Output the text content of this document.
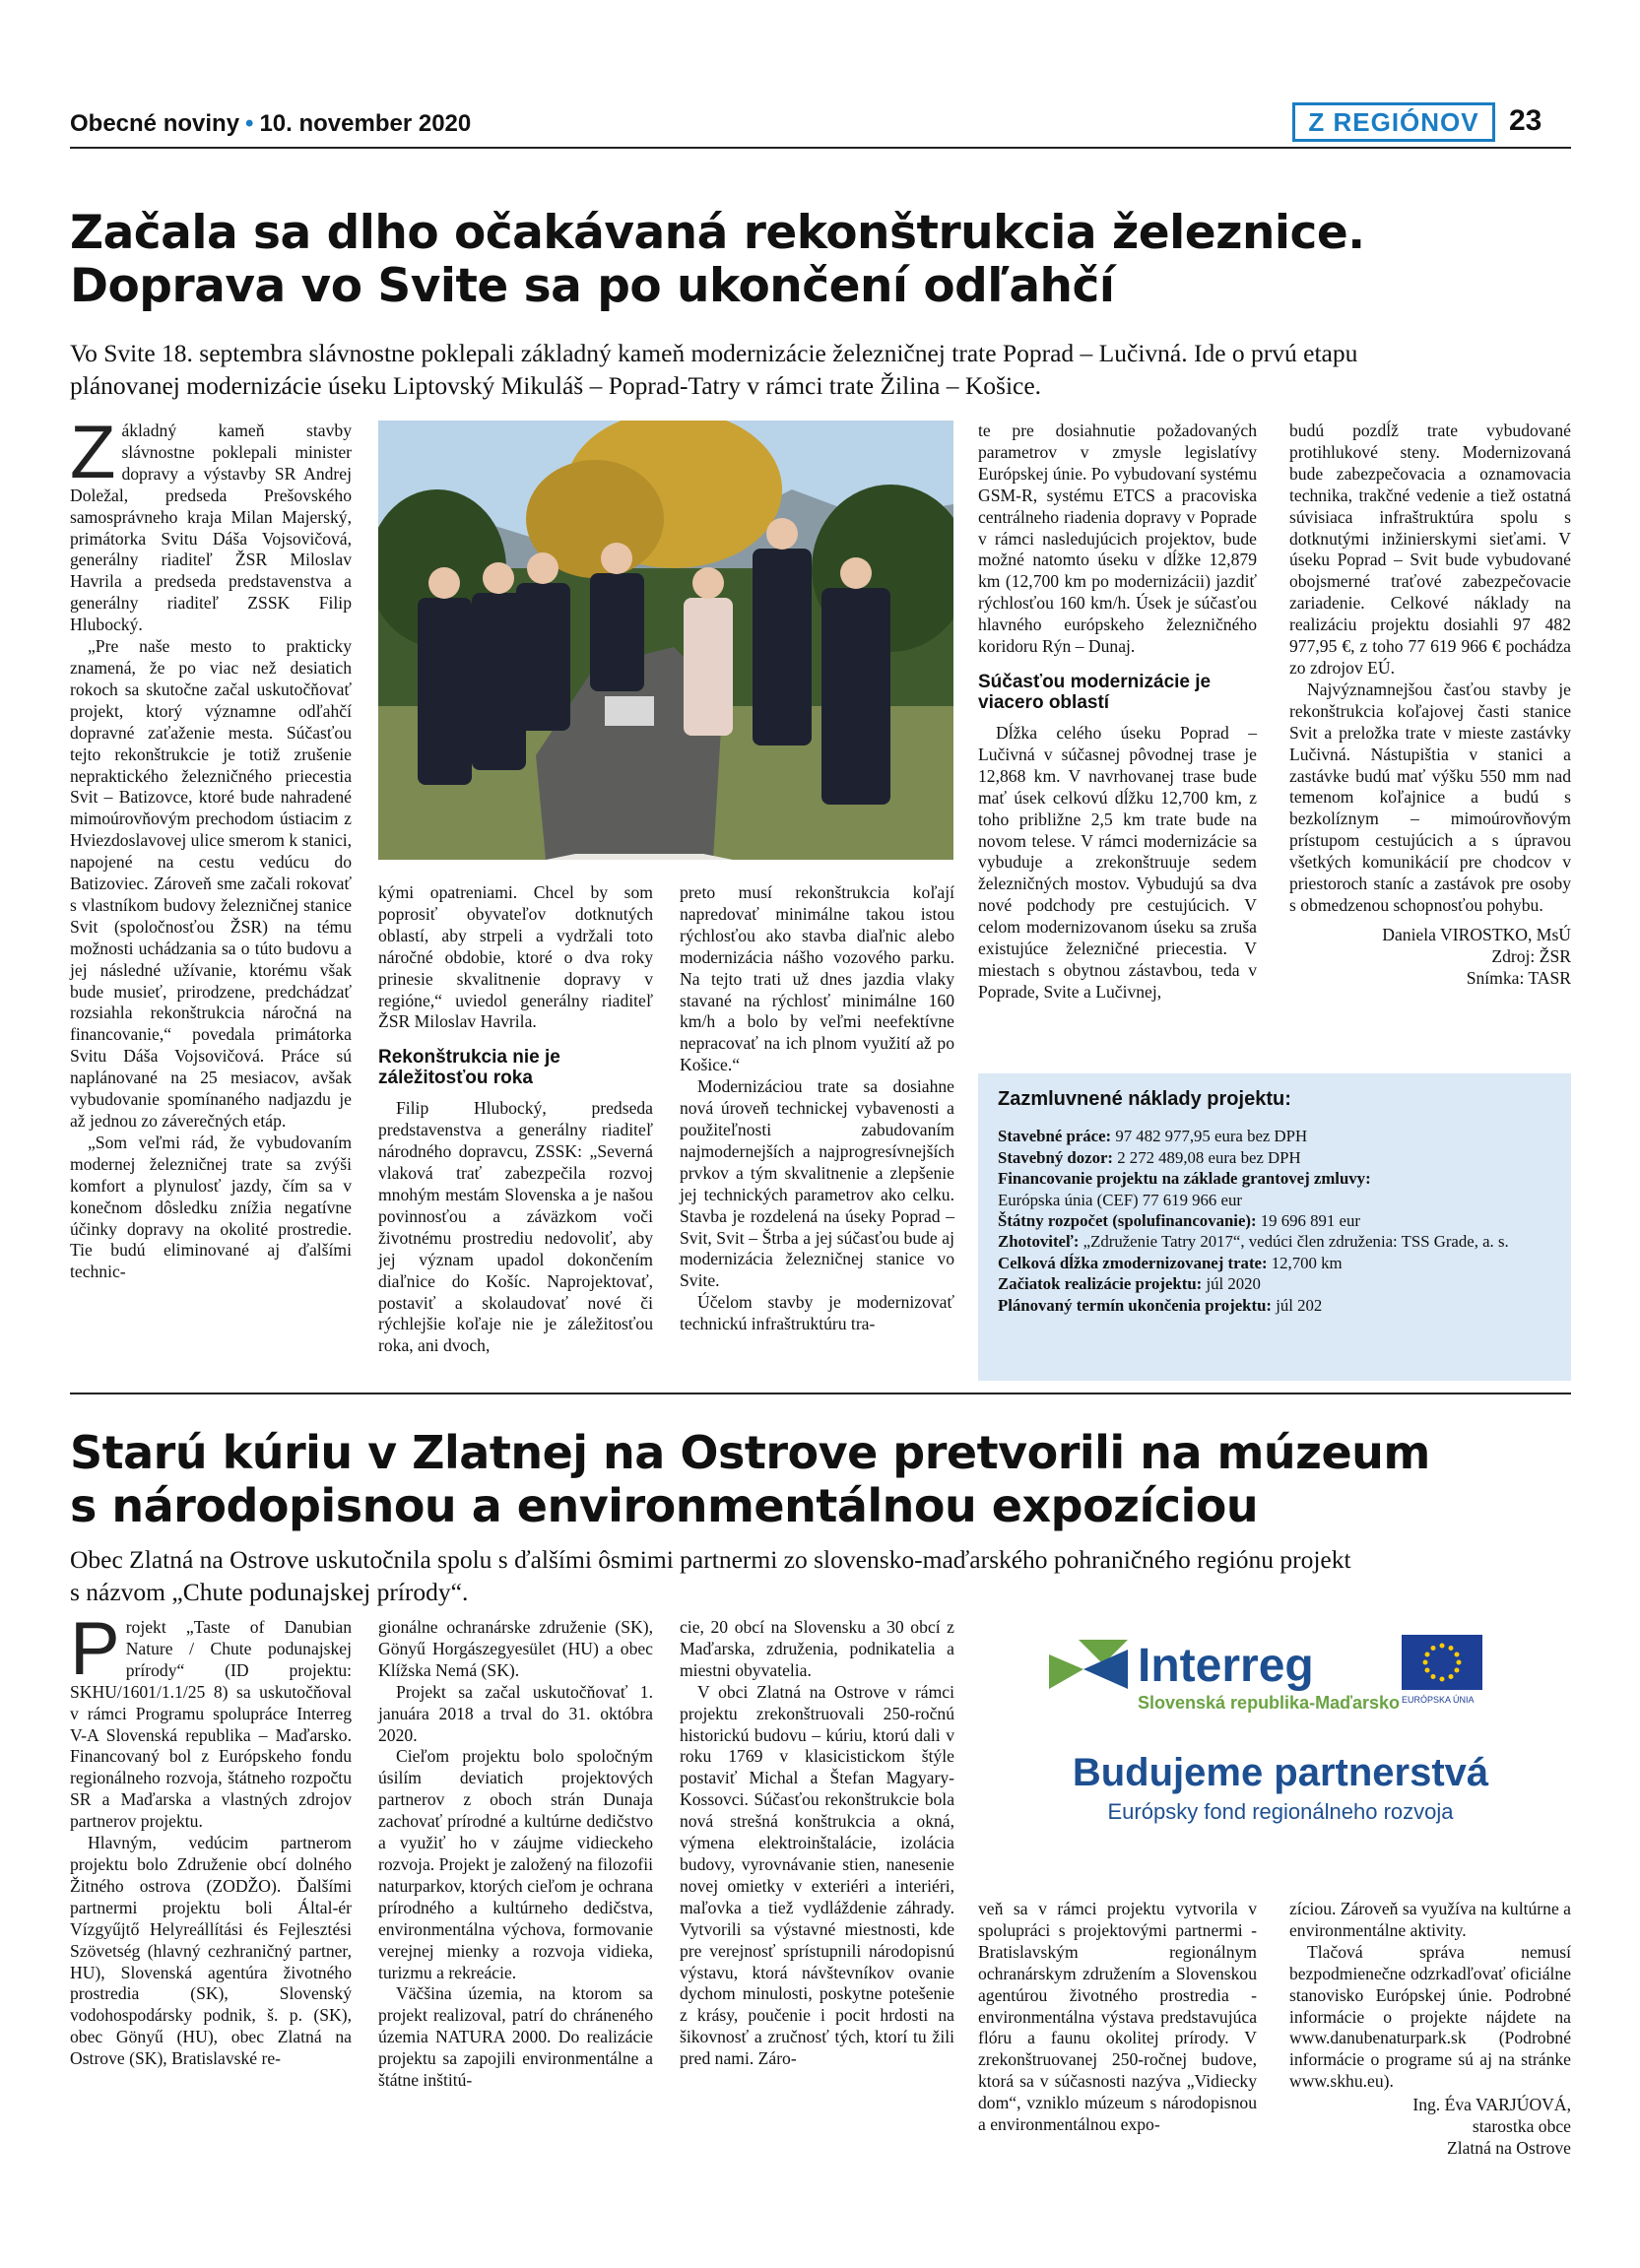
Obecné noviny • 10. november 2020	Z REGIÓNOV	23
Začala sa dlho očakávaná rekonštrukcia železnice.
Doprava vo Svite sa po ukončení odľahčí
Vo Svite 18. septembra slávnostne poklepali základný kameň modernizácie železničnej trate Poprad – Lučivná. Ide o prvú etapu
plánovanej modernizácie úseku Liptovský Mikuláš – Poprad-Tatry v rámci trate Žilina – Košice.

Základný kameň stavby slávnostne poklepali minister dopravy a výstavby SR Andrej Doležal, predseda Prešovského samosprávneho kraja Milan Majerský, primátorka Svitu Dáša Vojsovičová, generálny riaditeľ ŽSR Miloslav Havrila a predseda predstavenstva a generálny riaditeľ ZSSK Filip Hlubocký.

„Pre naše mesto to prakticky znamená, že po viac než desiatich rokoch sa skutočne začal uskutočňovať projekt, ktorý významne odľahčí dopravné zaťaženie mesta. Súčasťou tejto rekonštrukcie je totiž zrušenie nepraktického železničného priecestia Svit – Batizovce, ktoré bude nahradené mimoúrovňovým prechodom ústiacim z Hviezdoslavovej ulice smerom k stanici, napojené na cestu vedúcu do Batizoviec. Zároveň sme začali rokovať s vlastníkom budovy železničnej stanice Svit (spoločnosťou ŽSR) na tému možnosti uchádzania sa o túto budovu a jej následné užívanie, ktorému však bude musieť, prirodzene, predchádzať rozsiahla rekonštrukcia náročná na financovanie,“ povedala primátorka Svitu Dáša Vojsovičová. Práce sú naplánované na 25 mesiacov, avšak vybudovanie spomínaného nadjazdu je až jednou zo záverečných etáp.

„Som veľmi rád, že vybudovaním modernej železničnej trate sa zvýši komfort a plynulosť jazdy, čím sa v konečnom dôsledku znížia negatívne účinky dopravy na okolité prostredie. Tie budú eliminované aj ďalšími technic-

kými opatreniami. Chcel by som poprosiť obyvateľov dotknutých oblastí, aby strpeli a vydržali toto náročné obdobie, ktoré o dva roky prinesie skvalitnenie dopravy v regióne,“ uviedol generálny riaditeľ ŽSR Miloslav Havrila.

Rekonštrukcia nie je záležitosťou roka

Filip Hlubocký, predseda predstavenstva a generálny riaditeľ národného dopravcu, ZSSK: „Severná vlaková trať zabezpečila rozvoj mnohým mestám Slovenska a je našou povinnosťou a záväzkom voči životnému prostrediu nedovoliť, aby jej význam upadol dokončením diaľnice do Košíc. Naprojektovať, postaviť a skolaudovať nové či rýchlejšie koľaje nie je záležitosťou roka, ani dvoch,

preto musí rekonštrukcia koľají napredovať minimálne takou istou rýchlosťou ako stavba diaľnic alebo modernizácia nášho vozového parku. Na tejto trati už dnes jazdia vlaky stavané na rýchlosť minimálne 160 km/h a bolo by veľmi neefektívne nepracovať na ich plnom využití až po Košice.“

Modernizáciou trate sa dosiahne nová úroveň technickej vybavenosti a použiteľnosti zabudovaním najmodernejších a najprogresívnejších prvkov a tým skvalitnenie a zlepšenie jej technických parametrov ako celku. Stavba je rozdelená na úseky Poprad – Svit, Svit – Štrba a jej súčasťou bude aj modernizácia železničnej stanice vo Svite.

Účelom stavby je modernizovať technickú infraštruktúru tra-

te pre dosiahnutie požadovaných parametrov v zmysle legislatívy Európskej únie. Po vybudovaní systému GSM-R, systému ETCS a pracoviska centrálneho riadenia dopravy v Poprade v rámci nasledujúcich projektov, bude možné natomto úseku v dĺžke 12,879 km (12,700 km po modernizácii) jazdiť rýchlosťou 160 km/h. Úsek je súčasťou hlavného európskeho železničného koridoru Rýn – Dunaj.

Súčasťou modernizácie je viacero oblastí

Dĺžka celého úseku Poprad – Lučivná v súčasnej pôvodnej trase je 12,868 km. V navrhovanej trase bude mať úsek celkovú dĺžku 12,700 km, z toho približne 2,5 km trate bude na novom telese. V rámci modernizácie sa vybuduje a zrekonštruuje sedem železničných mostov. Vybudujú sa dva nové podchody pre cestujúcich. V celom modernizovanom úseku sa zruša existujúce železničné priecestia. V miestach s obytnou zástavbou, teda v Poprade, Svite a Lučivnej,

budú pozdĺž trate vybudované protihlukové steny. Modernizovaná bude zabezpečovacia a oznamovacia technika, trakčné vedenie a tiež ostatná súvisiaca infraštruktúra spolu s dotknutými inžinierskymi sieťami. V úseku Poprad – Svit bude vybudované obojsmerné traťové zabezpečovacie zariadenie. Celkové náklady na realizáciu projektu dosiahli 97 482 977,95 €, z toho 77 619 966 € pochádza zo zdrojov EÚ.

Najvýznamnejšou časťou stavby je rekonštrukcia koľajovej časti stanice Svit a preložka trate v mieste zastávky Lučivná. Nástupištia v stanici a zastávke budú mať výšku 550 mm nad temenom koľajnice a budú s bezkolíznym – mimoúrovňovým prístupom cestujúcich a s úpravou všetkých komunikácií pre chodcov v priestoroch staníc a zastávok pre osoby s obmedzenou schopnosťou pohybu.

Daniela VIROSTKO, MsÚ
Zdroj: ŽSR
Snímka: TASR
Zazmluvnené náklady projektu:
Stavebné práce: 97 482 977,95 eura bez DPH
Stavebný dozor: 2 272 489,08 eura bez DPH
Financovanie projektu na základe grantovej zmluvy:
Európska únia (CEF) 77 619 966 eur
Štátny rozpočet (spolufinancovanie): 19 696 891 eur
Zhotoviteľ: „Združenie Tatry 2017“, vedúci člen združenia: TSS Grade, a. s.
Celková dĺžka zmodernizovanej trate: 12,700 km
Začiatok realizácie projektu: júl 2020
Plánovaný termín ukončenia projektu: júl 202
Starú kúriu v Zlatnej na Ostrove pretvorili na múzeum
s národopisnou a environmentálnou expozíciou
Obec Zlatná na Ostrove uskutočnila spolu s ďalšími ôsmimi partnermi zo slovensko-maďarského pohraničného regiónu projekt
s názvom „Chute podunajskej prírody“.

Projekt „Taste of Danubian Nature / Chute podunajskej prírody“ (ID projektu: SKHU/1601/1.1/25 8) sa uskutočňoval v rámci Programu spolupráce Interreg V-A Slovenská republika – Maďarsko. Financovaný bol z Európskeho fondu regionálneho rozvoja, štátneho rozpočtu SR a Maďarska a vlastných zdrojov partnerov projektu.

Hlavným, vedúcim partnerom projektu bolo Združenie obcí dolného Žitného ostrova (ZODŽO). Ďalšími partnermi projektu boli Által-ér Vízgyűjtő Helyreállítási és Fejlesztési Szövetség (hlavný cezhraničný partner, HU), Slovenská agentúra životného prostredia (SK), Slovenský vodohospodársky podnik, š. p. (SK), obec Gönyű (HU), obec Zlatná na Ostrove (SK), Bratislavské re-

gionálne ochranárske združenie (SK), Gönyű Horgászegyesület (HU) a obec Klížska Nemá (SK).

Projekt sa začal uskutočňovať 1. januára 2018 a trval do 31. októbra 2020.

Cieľom projektu bolo spoločným úsilím deviatich projektových partnerov z oboch strán Dunaja zachovať prírodné a kultúrne dedičstvo a využiť ho v záujme vidieckeho rozvoja. Projekt je založený na filozofii naturparkov, ktorých cieľom je ochrana prírodného a kultúrneho dedičstva, environmentálna výchova, formovanie verejnej mienky a rozvoja vidieka, turizmu a rekreácie.

Väčšina územia, na ktorom sa projekt realizoval, patrí do chráneného územia NATURA 2000. Do realizácie projektu sa zapojili environmentálne a štátne inštitú-

cie, 20 obcí na Slovensku a 30 obcí z Maďarska, združenia, podnikatelia a miestni obyvatelia.

V obci Zlatná na Ostrove v rámci projektu zrekonštruovali 250-ročnú historickú budovu – kúriu, ktorú dali v roku 1769 v klasicistickom štýle postaviť Michal a Štefan Magyary-Kossovci. Súčasťou rekonštrukcie bola nová strešná konštrukcia a okná, výmena elektroinštalácie, izolácia budovy, vyrovnávanie stien, nanesenie novej omietky v exteriéri a interiéri, maľovka a tiež vydláždenie záhrady. Vytvorili sa výstavné miestnosti, kde pre verejnosť sprístupnili národopisnú výstavu, ktorá návštevníkov ovanie dychom minulosti, poskytne potešenie z krásy, poučenie i pocit hrdosti na šikovnosť a zručnosť tých, ktorí tu žili pred nami. Záro-

Interreg
Slovenská republika-Maďarsko EURÓPSKA ÚNIA
Budujeme partnerstvá
Európsky fond regionálneho rozvoja

veň sa v rámci projektu vytvorila v spolupráci s projektovými partnermi - Bratislavským regionálnym ochranárskym združením a Slovenskou agentúrou životného prostredia - environmentálna výstava predstavujúca flóru a faunu okolitej prírody. V zrekonštruovanej 250-ročnej budove, ktorá sa v súčasnosti nazýva „Vidiecky dom“, vzniklo múzeum s národopisnou a environmentálnou expo-

zíciou. Zároveň sa využíva na kultúrne a environmentálne aktivity.

Tlačová správa nemusí bezpodmienečne odzrkadľovať oficiálne stanovisko Európskej únie. Podrobné informácie o projekte nájdete na www.danubenaturpark.sk (Podrobné informácie o programe sú aj na stránke www.skhu.eu).

Ing. Éva VARJÚOVÁ,
starostka obce
Zlatná na Ostrove
